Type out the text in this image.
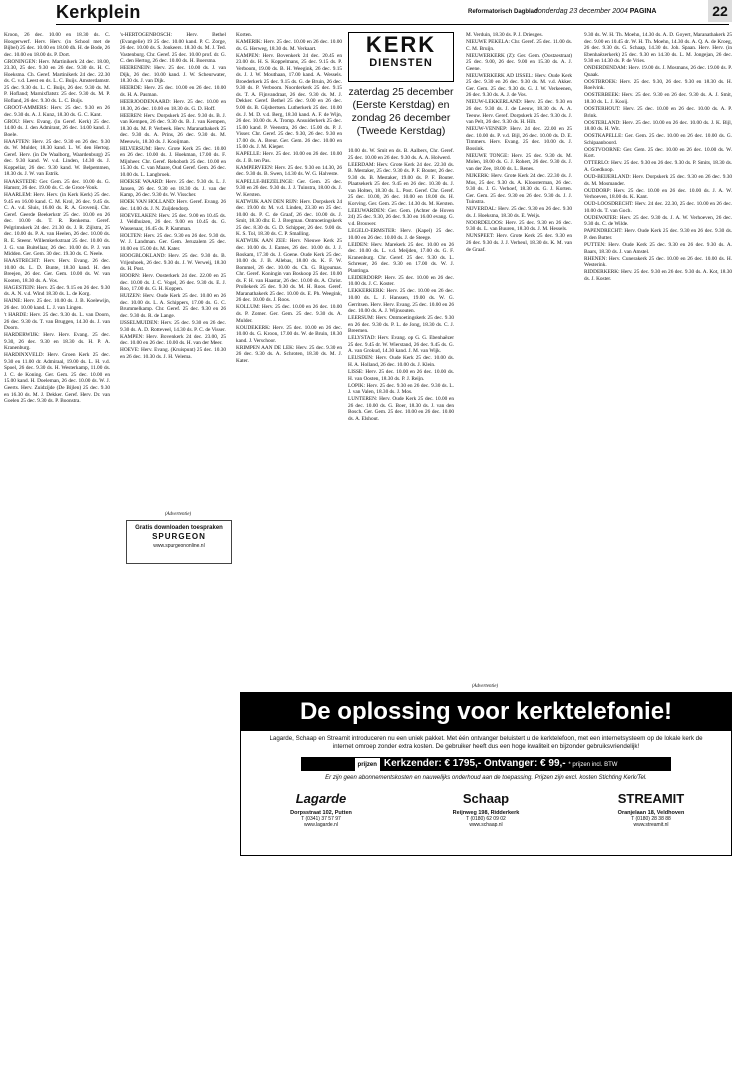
Kerkplein	Reformatorisch Dagblad
donderdag 23 december 2004 PAGINA	22

Kroon, 26 dec. 10.00 en 18.30 ds. C. Hoogerwerf. Herv. Herv. (in School met de Bijbel) 25 dec. 10.00 en 18.00 dh. H. de Bode, 26 dec. 10.00 en 18.00 ds. P. Dort.

GRONINGEN: Herv. Martinikerk 24 dec. 18.00, 23.30, 25 dec. 9.30 en 26 dec. 9.30 ds. H. C. Hoeksma. Ch. Geref. Martinikerk 24 dec. 22.30 ds. C. v.d. Leest en ds. L. C. Buijs. Amsterdamstr. 25 dec. 9.30 ds. L. C. Buijs, 26 dec. 9.30 ds. M. P. Hofland; Marnixflatstr. 25 dec. 9.30 ds. M. P. Hofland, 26 dec. 9.30 ds. L. C. Buijs.

GROOT-AMMERS: Herv. 25 dec. 9.30 en 26 dec. 9.30 ds. A. J. Kunz, 18.30 ds. G. C. Kant.

GROU: Herv. Evang. (in Geref. Kerk) 25 dec. 14.00 ds. J. den Admirant, 26 dec. 14.00 kand. J. Boele.

HAAFTEN: Herv. 25 dec. 9.30 en 26 dec. 9.30 ds. W. Mulder, 18.30 kand. L. W. den Hertog. Geref. Herv. (in De Waalborg, Waardenburg) 25 dec. 9.30 kand. W. v.d. Linden, 14.30 ds. J. Koppeliar, 26 dec. 9.30 kand. W. Belpemmen, 18.30 ds. J. W. van Estrik.

HAAKSTEDE: Ger. Gem. 25 dec. 10.00 ds. G. Hamstr, 26 dec. 19.00 ds. C. de Groot-Vonk.

HAARLEM: Herv. Herv. (in Kerk Kerk) 25 dec. 9.45 en 16.00 kand. C. M. Krol, 26 dec. 9.45 ds. C. A. v.d. Sluis, 16.00 ds. R. A. Grovenij. Chr. Geref. Geerde Beekerkstr 25 dec. 10.00 en 26 dec. 10.00 ds. T. R. Renkema. Geref. Pelgrimskerk 24 dec. 21.30 ds. J. R. Zijlstra, 25 dec. 10.00 ds. P. A. van Heelen, 26 dec. 10.00 ds. R. E. Steenr. Willemkerkstraat 25 dec. 10.00 ds. J. G. van Buitellaar, 26 dec. 10.00 ds. P. J. van Midden. Ger. Gem. 30 dec. 19.30 ds. C. Neele.

HAASTRECHT: Herv. Herv. Evang. 26 dec. 10.00 ds. L. D. Bunte, 18.30 kand. H. den Breejen, 26 dec. Ger. Gem. 10.00 ds. W. van Kooten, 18.30 ds. A. Vos.

HAGESTEIN: Herv. 25 dec. 9.15 en 26 dec. 9.30 ds. A. N. v.d. Wind 18.30 ds. L. de Korg.

HAINE: Herv. 25 dec. 10.00 ds. J. B. Koelewijn, 26 dec. 10.00 kand. L. J. van Lingen.

't HARDE: Herv. 25 dec. 9.30 ds. L. van Doorn, 26 dec. 9.30 ds. T. van Bruggen, 14.30 ds. J. van Doorn.

HARDERWIJK: Herv. Herv. Evang. 25 dec. 9.30, 26 dec. 9.30 en 18.30 ds. H. P. A. Kranenburg.

HARDINXVELD: Herv. Groen Kerk 25 dec. 9.30 en 11.00 dr. Admiraal, 19.00 ds. L. H. v.d. Spoel, 26 dec. 9.30 ds. H. Westerkamp, 11.00 ds. J. C. de Koning. Ger. Gem. 25 dec. 10.00 en 15.00 kand. H. Doeleman, 26 dec. 10.00 ds. W. J. Geerts. Herv. Zuidzijde (De Bijlen) 25 dec. 9.30 en 16.30 ds. M. J. Dekker. Geref. Herv. Dr. van Goelen 25 dec. 9.30 ds. P. Boonstra.

's-HERTOGENBOSCH: Herv. Bethel (Evangelie) 19 25 dec. 10.00 kand. P. C. Zorge, 26 dec. 10.00 ds. S. Jonkeers. 18.30 ds. M. J. Ted. Vastenburg. Chr. Geref. 25 dec. 10.00 prof. dr. G. C. den Hertog, 26 dec. 10.00 ds. H. Boersma.

HEERENEIN: Herv. 25 dec. 10.00 ds. J. van Dijk, 26 dec. 10.00 kand. J. W. Scheurwater, 18.30 ds. J. van Dijk.

HEERDE: Herv. 25 dec. 10.00 en 26 dec. 10.00 ds. H. A. Pasman.

HEERJOODENAARD: Herv. 25 dec. 10.00 en 18.30, 26 dec. 10.00 en 18.30 ds. G. D. Hoff.

HEEREN: Herv. Dorpskerk 25 dec. 9.30 ds. B. J. van Kempen, 26 dec. 9.30 ds. B. J. van Kempen, 18.30 ds. M. P. Verbeek. Herv. Maranathakerk 25 dec. 9.30 ds. A. Prins, 26 dec. 9.30 ds. M. Meeuwis, 18.30 ds. J. Kooijman.

HILVERSUM: Herv. Grote Kerk 25 dec. 10.00 en 26 dec. 10.00 ds. J. Hoekman, 17.00 ds. F. Mijnheer. Chr. Geref. Rehoboth 25 dec. 10.00 en 15.30 ds. C. van Maare, Oud Geref. Gem. 26 dec. 10.00 ds. L. Langbroek.

HOEKSE WAARD: Herv. 25 dec. 9.30 ds. L. J. Jansen, 26 dec. 9.30 en 18.30 ds. J. van der Kamp, 26 dec. 9.30 ds. W. Visscher.

HOEK VAN HOLLAND: Herv. Geref. Evang. 26 dec. 14.00 ds. J. N. Zuijdendorp.

HOEVELAKEN: Herv. 25 dec. 9.00 en 10.45 ds. J. Veldhuizen, 26 dec. 9.00 en 10.45 ds. G. Wassenaar, 16.45 ds. P. Kamman.

HOLTEN: Herv. 25 dec. 9.30 en 26 dec. 9.30 ds. W. J. Landman. Ger. Gem. Jeruzalem 25 dec. 10.00 en 15.00 ds. M. Kater.

HOOGBLOKLAND: Herv. 25 dec. 9.30 ds. B. Vrijenhoek, 26 dec. 9.30 ds. J. W. Verweij, 18.30 ds. H. Post.

HOORN: Herv. Oosterkerk 24 dec. 22.00 en 25 dec. 10.00 ds. J. C. Vogel, 26 dec. 9.30 ds. E. J. Roo, 17.00 ds. G. H. Koppen.

HUIZEN: Herv. Oude Kerk 25 dec. 10.00 en 26 dec. 10.00 ds. L. A. Schippers, 17.00 ds. G. C. Brummelkamp. Chr. Geref. 25 dec. 9.30 en 26 dec. 9.30 ds. R. de Lange.

IJSSELMUIDEN: Herv. 25 dec. 9.30 en 26 dec. 9.30 ds. A. D. Rotteveel, 14.30 ds. P. C. de Visser.

KAMPEN: Herv. Bovenkerk 24 dec. 23.00, 25 dec. 10.00 en 26 dec. 10.00 ds. H. van der Meer.

HOEVE: Herv. Evang. (Kruispunt) 25 dec. 10.30 en 26 dec. 10.30 ds. J. H. Velema.

Korten.

KAMERIK: Herv. 25 dec. 10.00 en 26 dec. 10.00 ds. G. Herweg, 18.30 ds. M. Verkaart.

KAMPEN: Herv. Bovenkerk 24 dec. 20.45 en 23.00 ds. H. S. Koppelmans, 25 dec. 9.15 ds. P. Verboom, 19.00 ds. B. H. Weegink, 26 dec. 9.15 ds. J. J. W. Mouthaan, 17.00 kand. A. Wessels. Broederkerk 25 dec. 9.15 ds. G. de Bruin, 26 dec. 9.30 ds. P. Verboom. Noorderkerk 25 dec. 9.15 ds. T. A. Fijnvandraat, 26 dec. 9.30 ds. M. J. Dekker. Geref. Bethel 25 dec. 9.00 en 26 dec. 9.00 ds. B. Gijsbertsen. Lutherkerk 25 dec. 10.00 ds. J. M. D. v.d. Berg, 18.30 kand. A. F. de Wijn, 26 dec. 10.00 ds. A. Tromp. Ansuiderkerk 25 dec. 15.00 kand. P. Veenstra, 26 dec. 15.00 ds. P. J. Visser. Chr. Geref. 25 dec. 9.30, 26 dec. 9.30 en 17.00 ds. A. Breur. Ger. Gem. 26 dec. 10.00 en 15.00 ds. J. M. Kieper.

KAPELLE: Herv. 25 dec. 10.00 en 26 dec. 10.00 ds. J. B. ten Pas.

KAMPERVEEN: Herv. 25 dec. 9.30 en 14.30, 26 dec. 9.30 ds. B. Swen, 14.30 ds. W. G. Halveste.

KAPELLE-BIEZELINGE: Ger. Gem. 25 dec. 9.30 en 26 dec. 9.30 ds. J. J. Tuinstra, 18.00 ds. J. W. Kersten.

KATWIJK AAN DEN RIJN: Herv. Dorpskerk 24 dec. 19.00 dr. M. v.d. Linden, 23.30 en 25 dec. 10.00 ds. P. C. de Graaf, 26 dec. 10.00 ds. J. Smit, 18.30 dhr. E. J. Bregman. Ontmoetingskerk 25 dec. 8.30 ds. G. D. Schipper, 26 dec. 9.00 ds. K. S. Tol, 18.30 ds. C. P. Smalling.

KATWIJK AAN ZEE: Herv. Nieuwe Kerk 25 dec. 10.00 ds. J. Eames, 26 dec. 10.00 ds. J. J. Roskam, 17.30 ds. J. Goene. Oude Kerk 25 dec. 10.00 ds. J. B. Allebas, 18.00 ds. K. F. W. Bommel, 26 dec. 10.00 ds. Ch. G. Rigoumas. Chr. Geref. Koningin van Boskoop 25 dec. 10.00 ds. F. H. van Haastar, 26 dec. 10.00 ds. A. Christ. Prollekerk 25 dec. 9.30 ds. M. H. Roos. Geref. Maranathakerk 25 dec. 10.00 ds. E. Ph. Weegink, 26 dec. 10.00 ds. J. Roos.

KOLLUM: Herv. 25 dec. 10.00 en 26 dec. 10.00 ds. P. Zomer. Ger. Gem. 25 dec. 9.30 ds. A. Mulder.

KOUDEKERK: Herv. 25 dec. 10.00 en 26 dec. 10.00 ds. G. Kroon, 17.00 ds. W. de Bruin, 18.30 kand. J. Verschoor.

KRIMPEN AAN DE LEK: Herv. 25 dec. 9.30 en 26 dec. 9.30 ds. A. Schroten, 18.30 ds. M. J. Kater.

KERK
DIENSTEN
zaterdag 25 december
(Eerste Kerstdag) en
zondag 26 december
(Tweede Kerstdag)

10.00 ds. W. Smit en ds. B. Aalbers, Chr. Geref. 25 dec. 10.00 en 26 dec. 9.30 ds. A. A. Holwerd.

LEERDAM: Herv. Grote Kerk 24 dec. 22.30 ds. B. Mestaker, 25 dec. 9.30 ds. P. F. Bouter, 26 dec. 9.30 ds. B. Mestaker, 19.00 ds. P. F. Bouter. Plaatsekerk 25 dec. 9.45 en 26 dec. 10.30 ds. J. van Holten, 18.30 ds. L. Post. Geref. Chr. Geref. 25 dec. 10.00, 26 dec. 10.00 en 18.00 ds. H. Korving. Ger. Gem. 25 dec. 14.30 ds. M. Kersten.

LEEUWARDEN: Ger. Gem. (Achter de Hoven 24) 25 dec. 9.30, 26 dec. 9.30 en 16.00 evang. G. v.d. Brouwer.

LEGELO-ERMSTER: Herv. (Kapel) 25 dec. 10.00 en 26 dec. 10.00 ds. J. de Steege.

LEIDEN: Herv. Marekerk 25 dec. 10.00 en 26 dec. 10.00 ds. L. v.d. Meijden, 17.00 ds. G. F. Kranenburg. Chr. Geref. 25 dec. 9.30 ds. L. Schreuer, 26 dec. 9.30 en 17.00 ds. W. J. Plantinga.

LEIDERDORP: Herv. 25 dec. 10.00 en 26 dec. 10.00 ds. J. C. Koster.

LEKKERKERK: Herv. 25 dec. 10.00 en 26 dec. 10.00 ds. L. J. Hanssen, 19.00 ds. W. G. Gerritsen. Herv. Herv. Evang. 25 dec. 10.00 en 26 dec. 10.00 ds. A. J. Wijnsouten.

LEERSUM: Herv. Ontmoetingskerk 25 dec. 9.30 en 26 dec. 9.30 ds. P. L. de Jong, 18.30 ds. C. J. Breemen.

LELYSTAD: Herv. Evang. op G. G. Ebenhaëzer 25 dec. 9.45 dr. W. Wierstand, 26 dec. 9.45 ds. G. A. van Grokud, 14.30 kand. J. M. van Wijk.

LEUSDEN: Herv. Oude Kerk 25 dec. 10.00 ds. H. A. Holland, 26 dec. 10.00 ds. J. Klein.

LISSE: Herv. 25 dec. 10.00 en 26 dec. 10.00 ds. H. van Oosten, 18.30 ds. P. J. Reijn.

LOPIK: Herv. 25 dec. 9.30 en 26 dec. 9.30 ds. L. J. van Valen, 18.30 ds. J. Mos.

LUNTEREN: Herv. Oude Kerk 25 dec. 10.00 en 26 dec. 10.00 ds. G. Boer, 18.30 ds. J. van den Bosch. Ger. Gem. 25 dec. 10.00 en 26 dec. 10.00 ds. A. Elshout.

M. Verduin, 18.30 ds. P. J. Driesges.

NIEUWE PEKELA: Chr. Geref. 25 dec. 11.00 ds. C. M. Bruijn.

NIEUWERKERK (Z): Ger. Gem. (Oostzestraat) 25 dec. 9.00, 26 dec. 9.00 en 15.30 ds. A. J. Geene.

NIEUWERKERK AD IJSSEL: Herv. Oude Kerk 25 dec. 9.30 en 26 dec. 9.30 ds. M. v.d. Akker. Ger. Gem. 25 dec. 9.30 ds. G. J. W. Verkeenen, 26 dec. 9.30 ds. A. J. de Vos.

NIEUW-LEKKERLAND: Herv. 25 dec. 9.30 en 26 dec. 9.30 ds. J. de Leeuw, 18.30 ds. A. A. Teeuw. Herv. Geref. Dorpskerk 25 dec. 9.30 ds. J. van Pelt, 26 dec. 9.30 ds. H. Hilt.

NIEUW-VENNEP: Herv. 24 dec. 22.00 en 25 dec. 10.00 ds. P. v.d. Bijl, 26 dec. 10.00 ds. D. E. Timmers. Herv. Evang. 25 dec. 10.00 ds. J. Bossink.

NIEUWE TONGE: Herv. 25 dec. 9.30 ds. M. Molen, 18.00 ds. G. J. Rohert, 26 dec. 9.30 ds. J. van der Zee, 18.00 ds. L. Renes.

NIJKERK: Herv. Grote Kerk 24 dec. 22.30 ds. J. Mos, 25 dec. 9.30 ds. A. Kloosterman, 26 dec. 9.30 ds. J. G. Verhoef, 18.30 ds. G. J. Korten. Ger. Gem. 25 dec. 9.30 en 26 dec. 9.30 ds. J. J. Tuinstra.

NIJVERDAL: Herv. 25 dec. 9.30 en 26 dec. 9.30 ds. J. Hoeksma, 18.30 ds. E. Weijs.

NOORDELOOS: Herv. 25 dec. 9.30 en 26 dec. 9.30 ds. L. van Buuren, 18.30 ds. J. M. Hessels.

NUNSPEET: Herv. Grote Kerk 25 dec. 9.30 en 26 dec. 9.30 ds. J. J. Verheul, 18.30 ds. K. M. van de Graaf.

9.30 ds. W. H. Th. Moehn, 14.30 ds. A. D. Goyert, Maranathakerk 25 dec. 9.00 en 10.45 dr. W. H. Th. Moehn, 14.30 ds. A. Q. A. de Kroeg, 26 dec. 9.30 ds. G. Schaap, 14.30 ds. Joh. Spaan. Herv. Herv. (in Ebenhaëzerkerk) 25 dec. 9.30 en 14.30 ds. L. M. Jongejan, 26 dec. 9.30 en 14.30 ds. P. de Vries.

ONDERDENDAM: Herv. 19.00 ds. J. Mosmans, 26 dec. 19.00 ds. P. Quaak.

OOSTBROEK: Herv. 25 dec. 9.30, 26 dec. 9.30 en 18.30 ds. H. Roelvink.

OOSTERBEEK: Herv. 25 dec. 9.30 en 26 dec. 9.30 ds. A. J. Smit, 18.30 ds. L. J. Kooij.

OOSTERHOUT: Herv. 25 dec. 10.00 en 26 dec. 10.00 ds. A. P. Brink.

OOSTERLAND: Herv. 25 dec. 10.00 en 26 dec. 10.00 ds. J. K. Bijl, 18.00 ds. H. Wit.

OOSTKAPELLE: Ger. Gem. 25 dec. 10.00 en 26 dec. 10.00 ds. G. Schipaanboord.

OOSTVOORNE: Ger. Gem. 25 dec. 10.00 en 26 dec. 10.00 ds. W. Kort.

OTTERLO: Herv. 25 dec. 9.30 en 26 dec. 9.30 ds. P. Smits, 18.30 ds. A. Goedkoop.

OUD-BEIJERLAND: Herv. Dorpskerk 25 dec. 9.30 en 26 dec. 9.30 ds. M. Mosmander.

OUDDORP: Herv. 25 dec. 10.00 en 26 dec. 10.00 ds. J. A. W. Verhoeven, 18.00 ds. K. Kant.

OUD-LOOSDRECHT: Herv. 24 dec. 22.30, 25 dec. 10.00 en 26 dec. 10.00 ds. T. van Goch.

OUDEWATER: Herv. 25 dec. 9.30 ds. J. A. W. Verhoeven, 26 dec. 9.30 ds. C. de Wilde.

PAPENDRECHT: Herv. Oude Kerk 25 dec. 9.30 en 26 dec. 9.30 ds. P. den Butter.

PUTTEN: Herv. Oude Kerk 25 dec. 9.30 en 26 dec. 9.30 ds. A. Baars, 18.30 ds. J. van Amstel.

RHENEN: Herv. Cunerakerk 25 dec. 10.00 en 26 dec. 10.00 ds. H. Westerink.

RIDDERKERK: Herv. 25 dec. 9.30 en 26 dec. 9.30 ds. A. Kot, 18.30 ds. J. Koster.

(Advertentie)
Gratis downloaden toespraken
SPURGEON
www.spurgeononline.nl
(Advertentie)
De oplossing voor kerktelefonie!
Lagarde, Schaap en Streamit introduceren nu een uniek pakket. Met één ontvanger beluistert u de kerktelefoon, met een internetsysteem op de lokale kerk de internet omroep zonder extra kosten. De gebruiker heeft dus een hoge kwaliteit en bijzonder gebruiksvriendelijk!
prijzen Kerkzender: € 1795,- Ontvanger: € 99,- * prijzen incl. BTW
Er zijn geen abonnementskosten en nauwelijks onderhoud aan de toepassing. Prijzen zijn excl. kosten Stichting Kerk/Tel.
Lagarde
Dorpsstraat 102, Putten
T (0341) 37 57 97
www.lagarde.nl
Schaap
Reijnweg 198, Ridderkerk
T (0180) 62 09 02
www.schaap.nl
STREAMIT
Oranjelaan 18, Veldhoven
T (0180) 28 38 88
www.streamit.nl
